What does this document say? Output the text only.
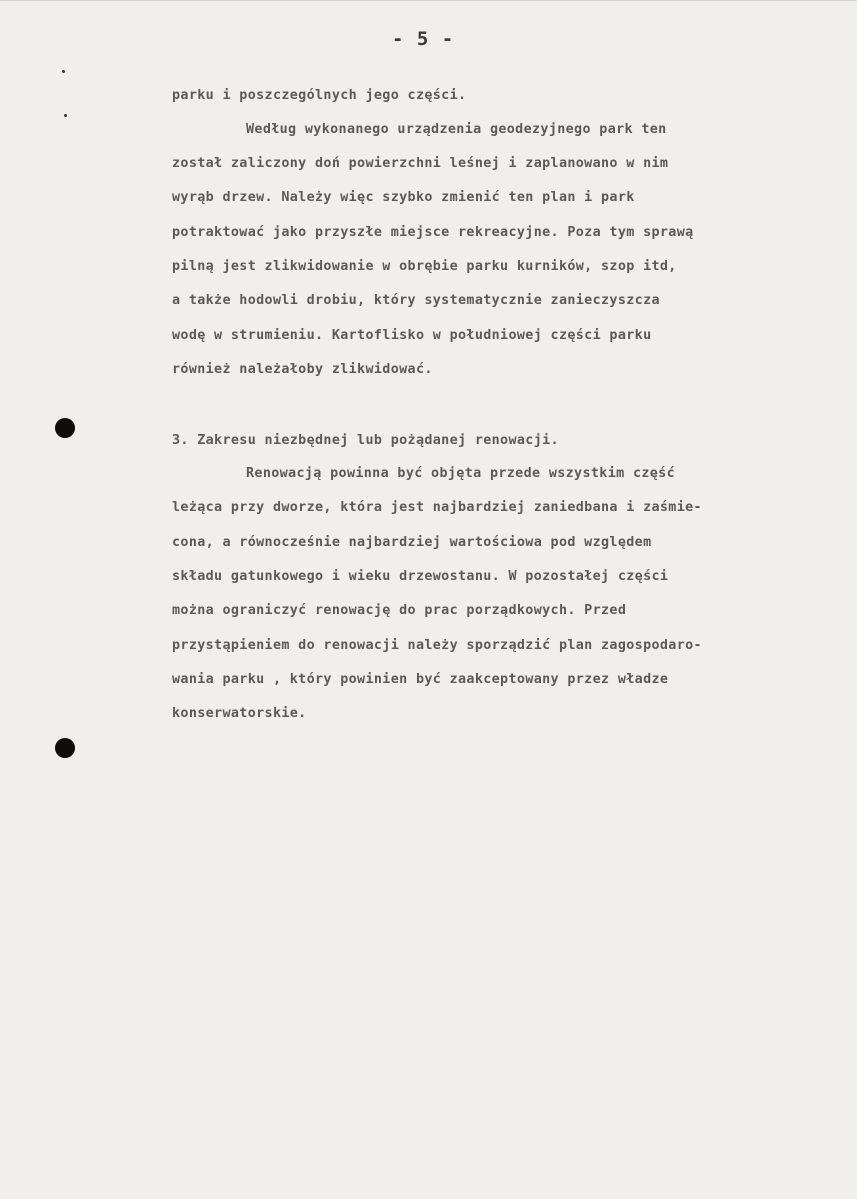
- 5 -
parku i poszczególnych jego części.
Według wykonanego urządzenia geodezyjnego park ten
został zaliczony doń powierzchni leśnej i zaplanowano w nim
wyrąb drzew. Należy więc szybko zmienić ten plan i park
potraktować jako przyszłe miejsce rekreacyjne. Poza tym sprawą
pilną jest zlikwidowanie w obrębie parku kurników, szop itd,
a także hodowli drobiu, który systematycznie zanieczyszcza
wodę w strumieniu. Kartoflisko w południowej części parku
również należałoby zlikwidować.
3. Zakresu niezbędnej lub pożądanej renowacji.
Renowacją powinna być objęta przede wszystkim część
leżąca przy dworze, która jest najbardziej zaniedbana i zaśmie-
cona, a równocześnie najbardziej wartościowa pod względem
składu gatunkowego i wieku drzewostanu. W pozostałej części
można ograniczyć renowację do prac porządkowych. Przed
przystąpieniem do renowacji należy sporządzić plan zagospodaro-
wania parku , który powinien być zaakceptowany przez władze
konserwatorskie.
